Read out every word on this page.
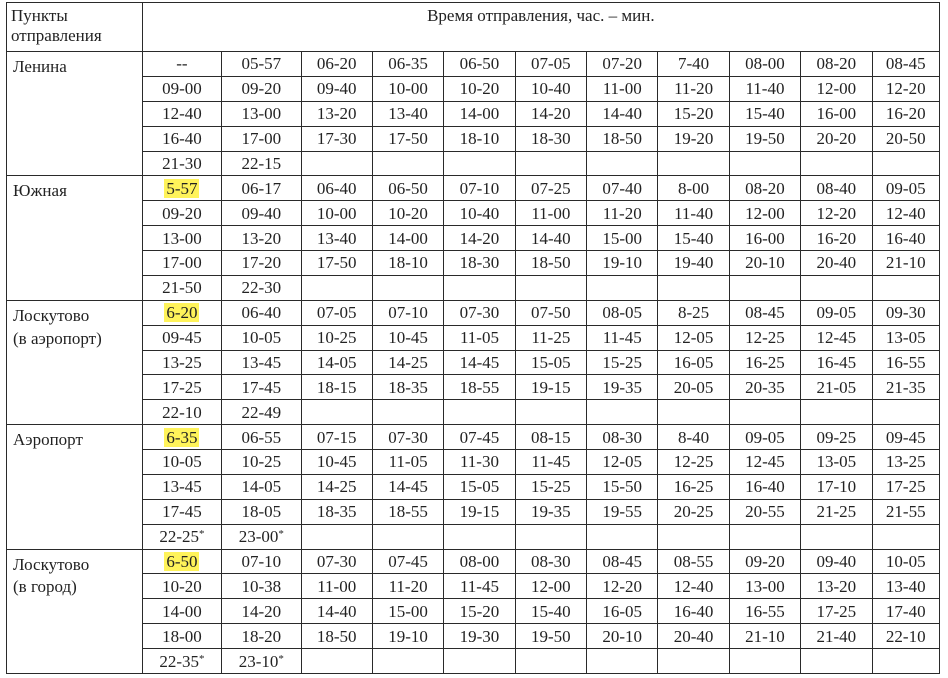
Пункты
отправления	Время отправления, час. – мин.										

Ленина	--	05-57	06-20	06-35	06-50	07-05	07-20	7-40	08-00	08-20	08-45
	09-00	09-20	09-40	10-00	10-20	10-40	11-00	11-20	11-40	12-00	12-20
	12-40	13-00	13-20	13-40	14-00	14-20	14-40	15-20	15-40	16-00	16-20
	16-40	17-00	17-30	17-50	18-10	18-30	18-50	19-20	19-50	20-20	20-50
	21-30	22-15									

Южная	5-57	06-17	06-40	06-50	07-10	07-25	07-40	8-00	08-20	08-40	09-05
	09-20	09-40	10-00	10-20	10-40	11-00	11-20	11-40	12-00	12-20	12-40
	13-00	13-20	13-40	14-00	14-20	14-40	15-00	15-40	16-00	16-20	16-40
	17-00	17-20	17-50	18-10	18-30	18-50	19-10	19-40	20-10	20-40	21-10
	21-50	22-30									

Лоскутово
(в аэропорт)	6-20	06-40	07-05	07-10	07-30	07-50	08-05	8-25	08-45	09-05	09-30
	09-45	10-05	10-25	10-45	11-05	11-25	11-45	12-05	12-25	12-45	13-05
	13-25	13-45	14-05	14-25	14-45	15-05	15-25	16-05	16-25	16-45	16-55
	17-25	17-45	18-15	18-35	18-55	19-15	19-35	20-05	20-35	21-05	21-35
	22-10	22-49									

Аэропорт	6-35	06-55	07-15	07-30	07-45	08-15	08-30	8-40	09-05	09-25	09-45
	10-05	10-25	10-45	11-05	11-30	11-45	12-05	12-25	12-45	13-05	13-25
	13-45	14-05	14-25	14-45	15-05	15-25	15-50	16-25	16-40	17-10	17-25
	17-45	18-05	18-35	18-55	19-15	19-35	19-55	20-25	20-55	21-25	21-55
	22-25*	23-00*									

Лоскутово
(в город)	6-50	07-10	07-30	07-45	08-00	08-30	08-45	08-55	09-20	09-40	10-05
	10-20	10-38	11-00	11-20	11-45	12-00	12-20	12-40	13-00	13-20	13-40
	14-00	14-20	14-40	15-00	15-20	15-40	16-05	16-40	16-55	17-25	17-40
	18-00	18-20	18-50	19-10	19-30	19-50	20-10	20-40	21-10	21-40	22-10
	22-35*	23-10*									
